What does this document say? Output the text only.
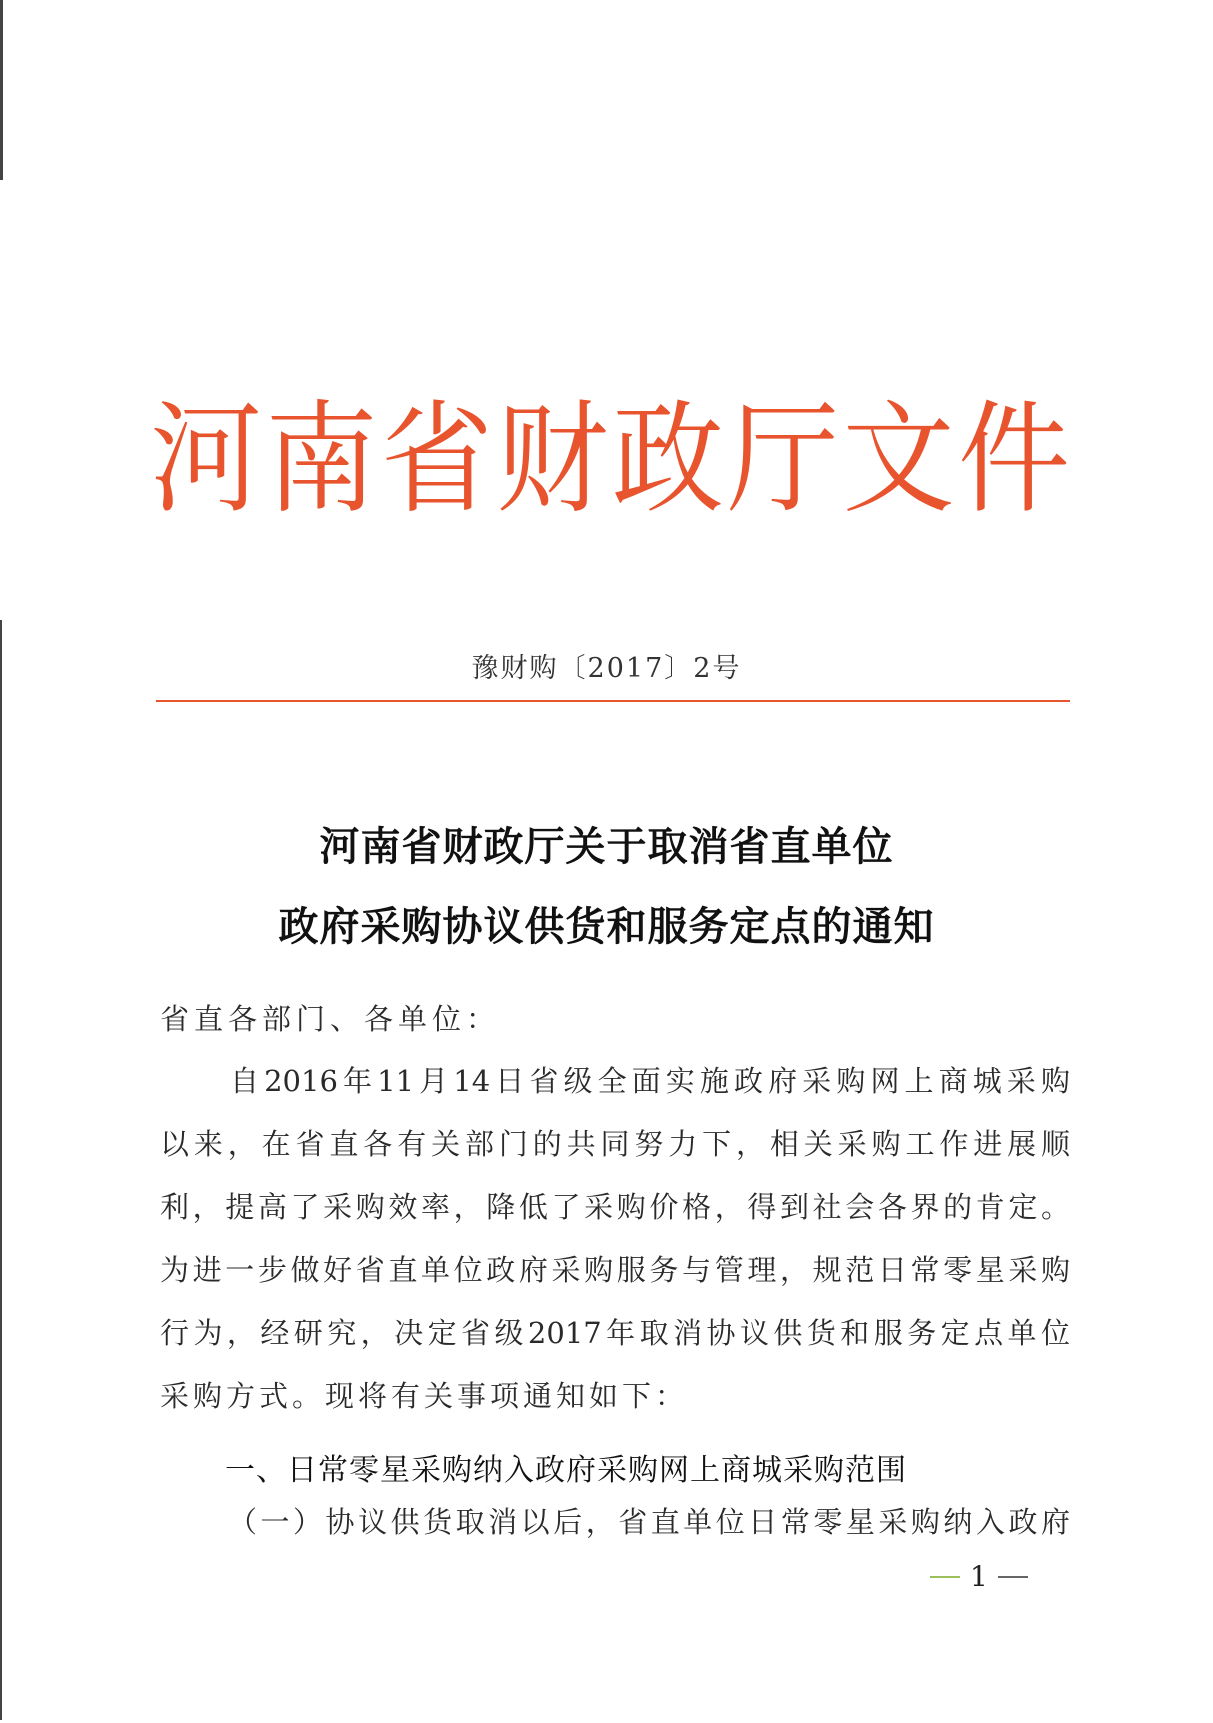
河 南 省 财 政 厅 文 件
豫财购〔2017〕2号
河南省财政厅关于取消省直单位
政府采购协议供货和服务定点的通知
省直各部门、各单位：
自2016年11月14日省级全面实施政府采购网上商城采购
以来，在省直各有关部门的共同努力下，相关采购工作进展顺
利，提高了采购效率，降低了采购价格，得到社会各界的肯定。
为进一步做好省直单位政府采购服务与管理，规范日常零星采购
行为，经研究，决定省级2017年取消协议供货和服务定点单位
采购方式。现将有关事项通知如下：
一、日常零星采购纳入政府采购网上商城采购范围
（一）协议供货取消以后，省直单位日常零星采购纳入政府
1
